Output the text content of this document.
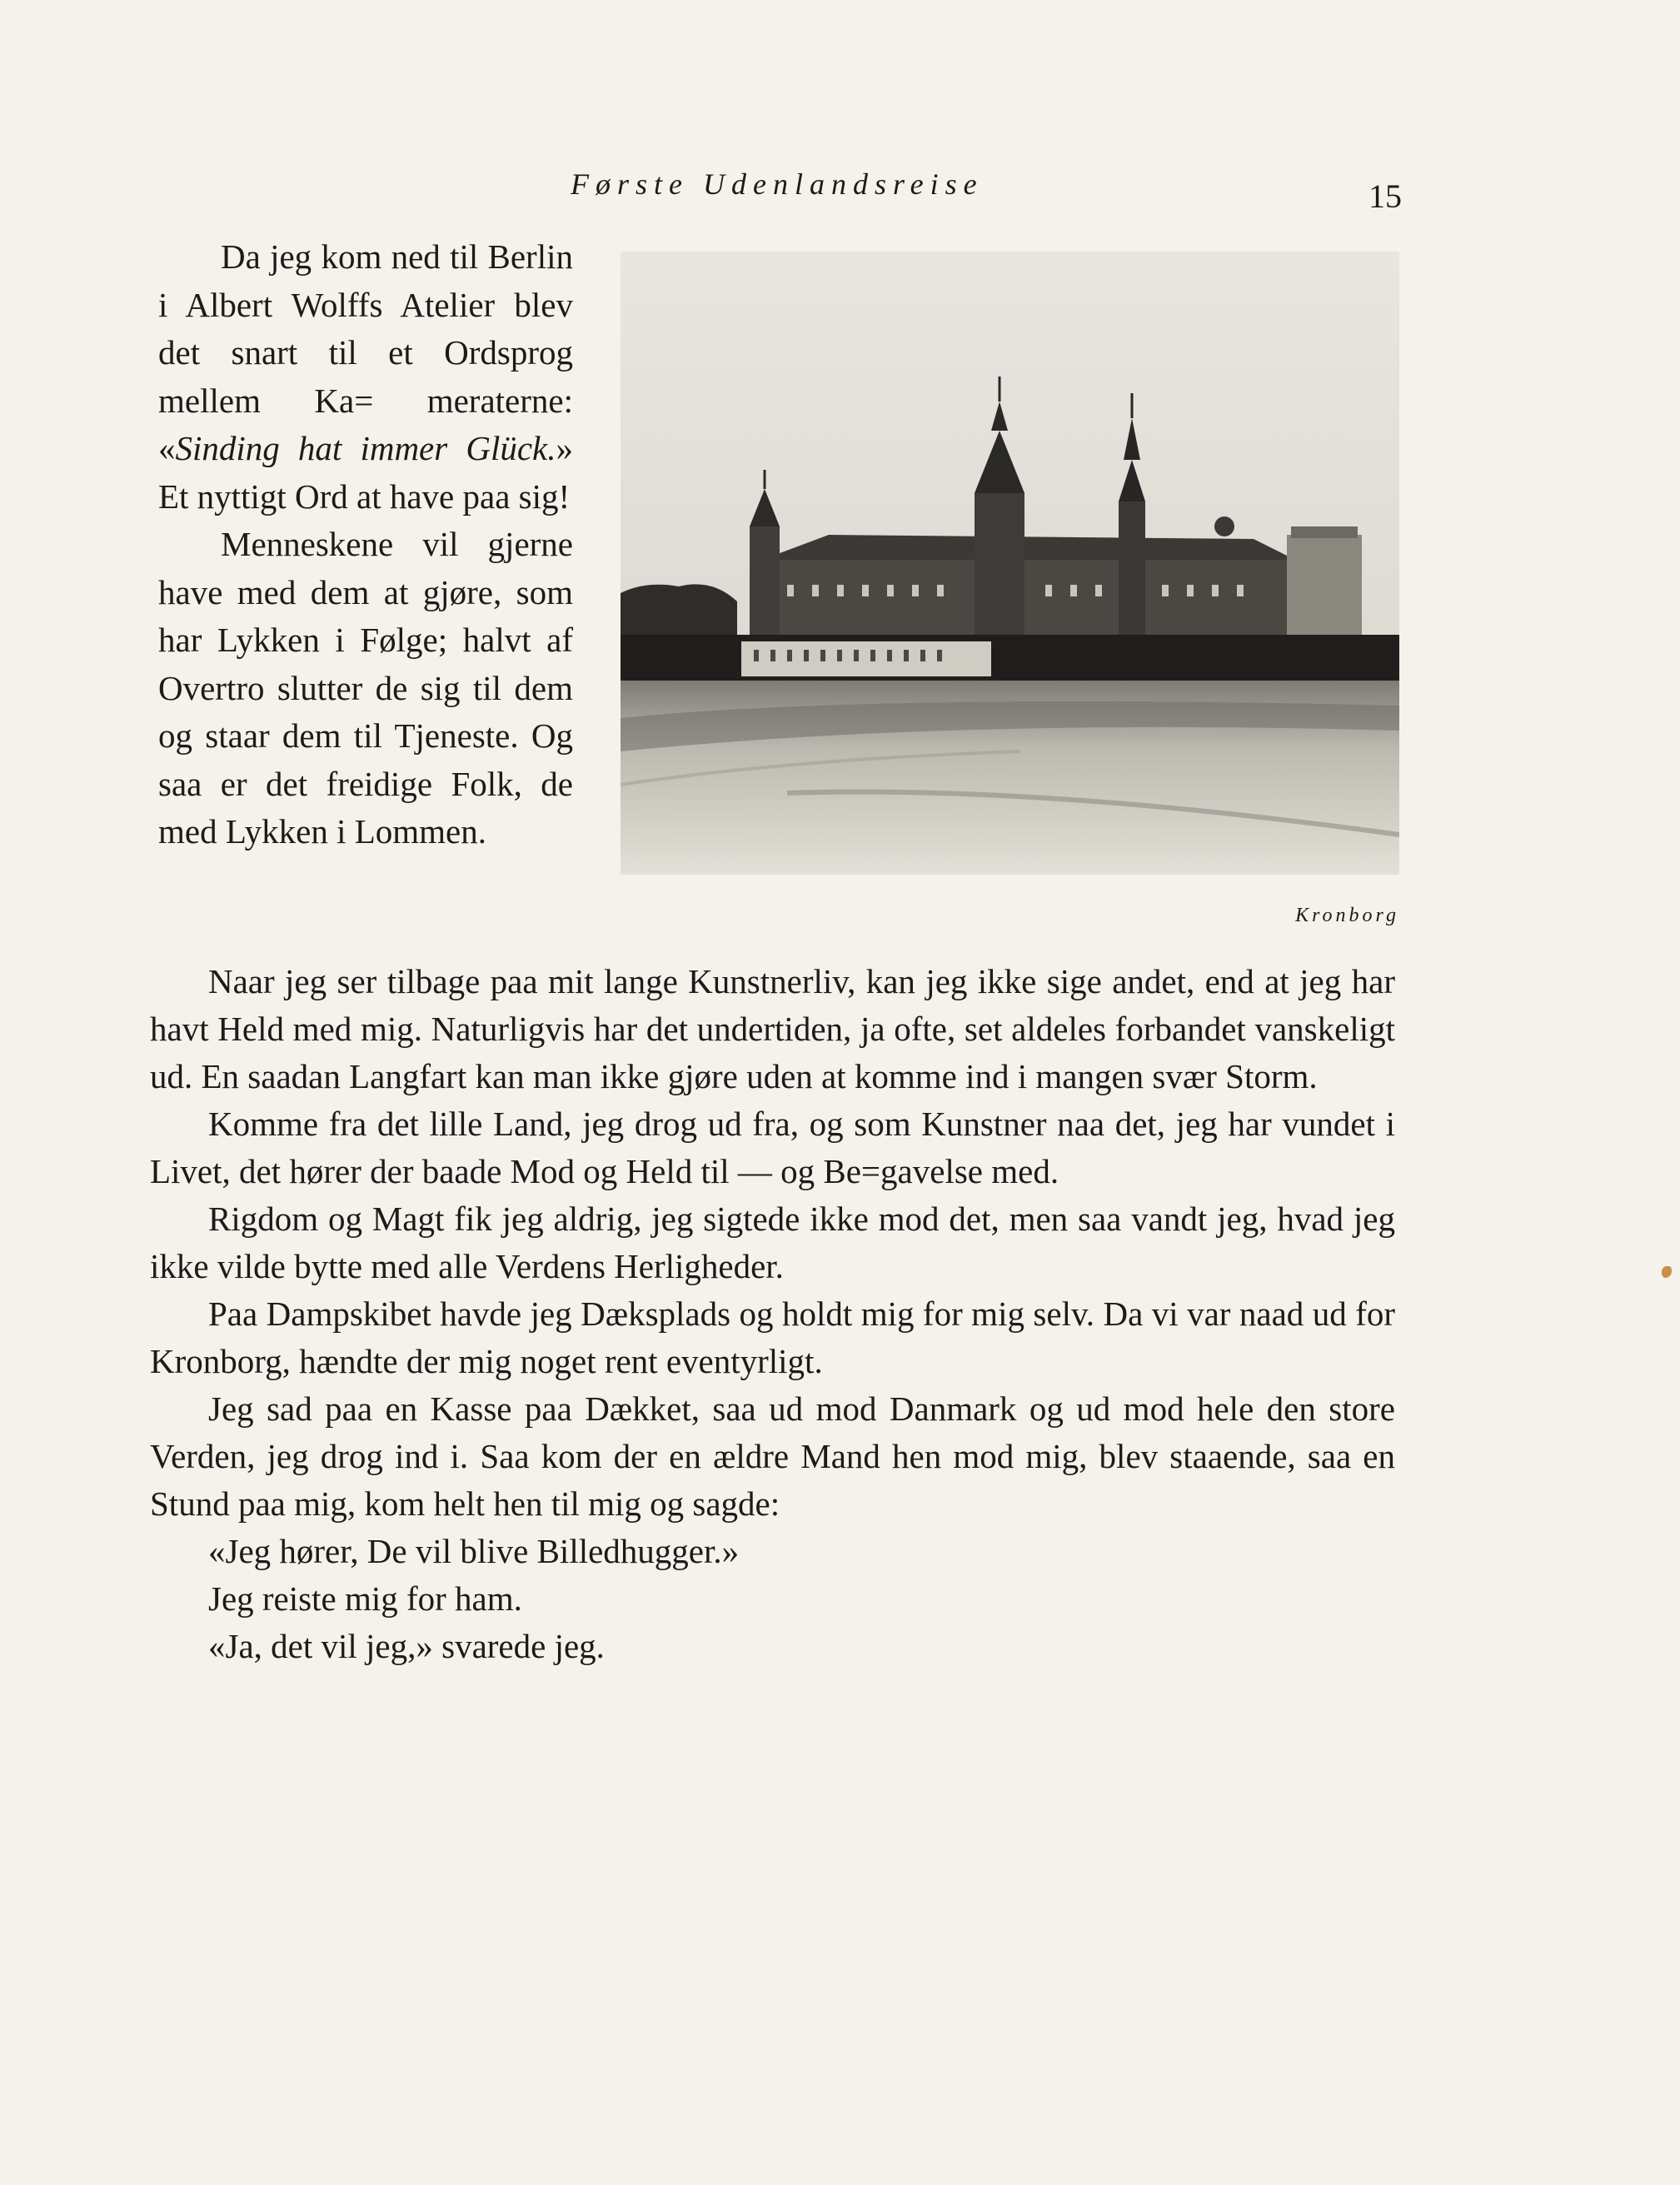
Første Udenlandsreise	15

Da jeg kom ned til Berlin i Albert Wolffs Atelier blev det snart til et Ordsprog mellem Ka= meraterne: «Sinding hat immer Glück.» Et nyttigt Ord at have paa sig!

Menneskene vil gjerne have med dem at gjøre, som har Lykken i Følge; halvt af Overtro slutter de sig til dem og staar dem til Tjeneste. Og saa er det freidige Folk, de med Lykken i Lommen.

Kronborg

Naar jeg ser tilbage paa mit lange Kunstnerliv, kan jeg ikke sige andet, end at jeg har havt Held med mig. Naturligvis har det undertiden, ja ofte, set aldeles forbandet vanskeligt ud. En saadan Langfart kan man ikke gjøre uden at komme ind i mangen svær Storm.

Komme fra det lille Land, jeg drog ud fra, og som Kunstner naa det, jeg har vundet i Livet, det hører der baade Mod og Held til — og Be=gavelse med.

Rigdom og Magt fik jeg aldrig, jeg sigtede ikke mod det, men saa vandt jeg, hvad jeg ikke vilde bytte med alle Verdens Herligheder.

Paa Dampskibet havde jeg Dæksplads og holdt mig for mig selv. Da vi var naad ud for Kronborg, hændte der mig noget rent eventyrligt.

Jeg sad paa en Kasse paa Dækket, saa ud mod Danmark og ud mod hele den store Verden, jeg drog ind i. Saa kom der en ældre Mand hen mod mig, blev staaende, saa en Stund paa mig, kom helt hen til mig og sagde:

«Jeg hører, De vil blive Billedhugger.»

Jeg reiste mig for ham.

«Ja, det vil jeg,» svarede jeg.
